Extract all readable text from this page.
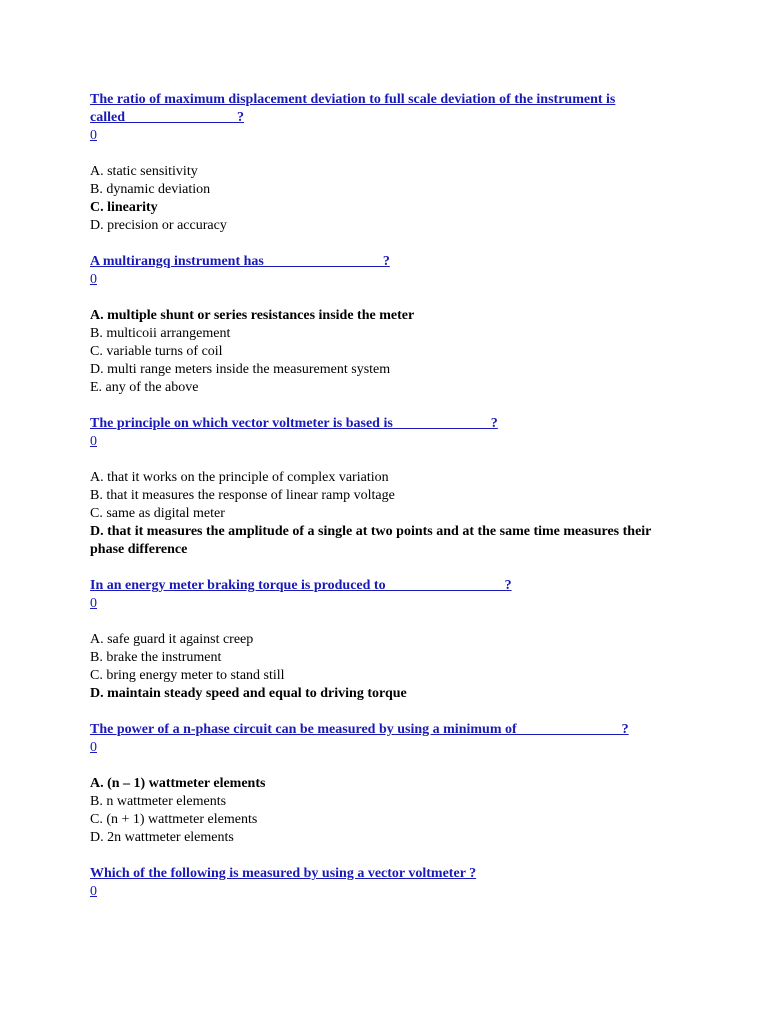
The ratio of maximum displacement deviation to full scale deviation of the instrument is called________________?
0
A. static sensitivity
B. dynamic deviation
C. linearity
D. precision or accuracy
A multirangq instrument has_________________?
0
A. multiple shunt or series resistances inside the meter
B. multicoii arrangement
C. variable turns of coil
D. multi range meters inside the measurement system
E. any of the above
The principle on which vector voltmeter is based is______________?
0
A. that it works on the principle of complex variation
B. that it measures the response of linear ramp voltage
C. same as digital meter
D. that it measures the amplitude of a single at two points and at the same time measures their phase difference
In an energy meter braking torque is produced to_________________?
0
A. safe guard it against creep
B. brake the instrument
C. bring energy meter to stand still
D. maintain steady speed and equal to driving torque
The power of a n-phase circuit can be measured by using a minimum of_______________?
0
A. (n – 1) wattmeter elements
B. n wattmeter elements
C. (n + 1) wattmeter elements
D. 2n wattmeter elements
Which of the following is measured by using a vector voltmeter ?
0
